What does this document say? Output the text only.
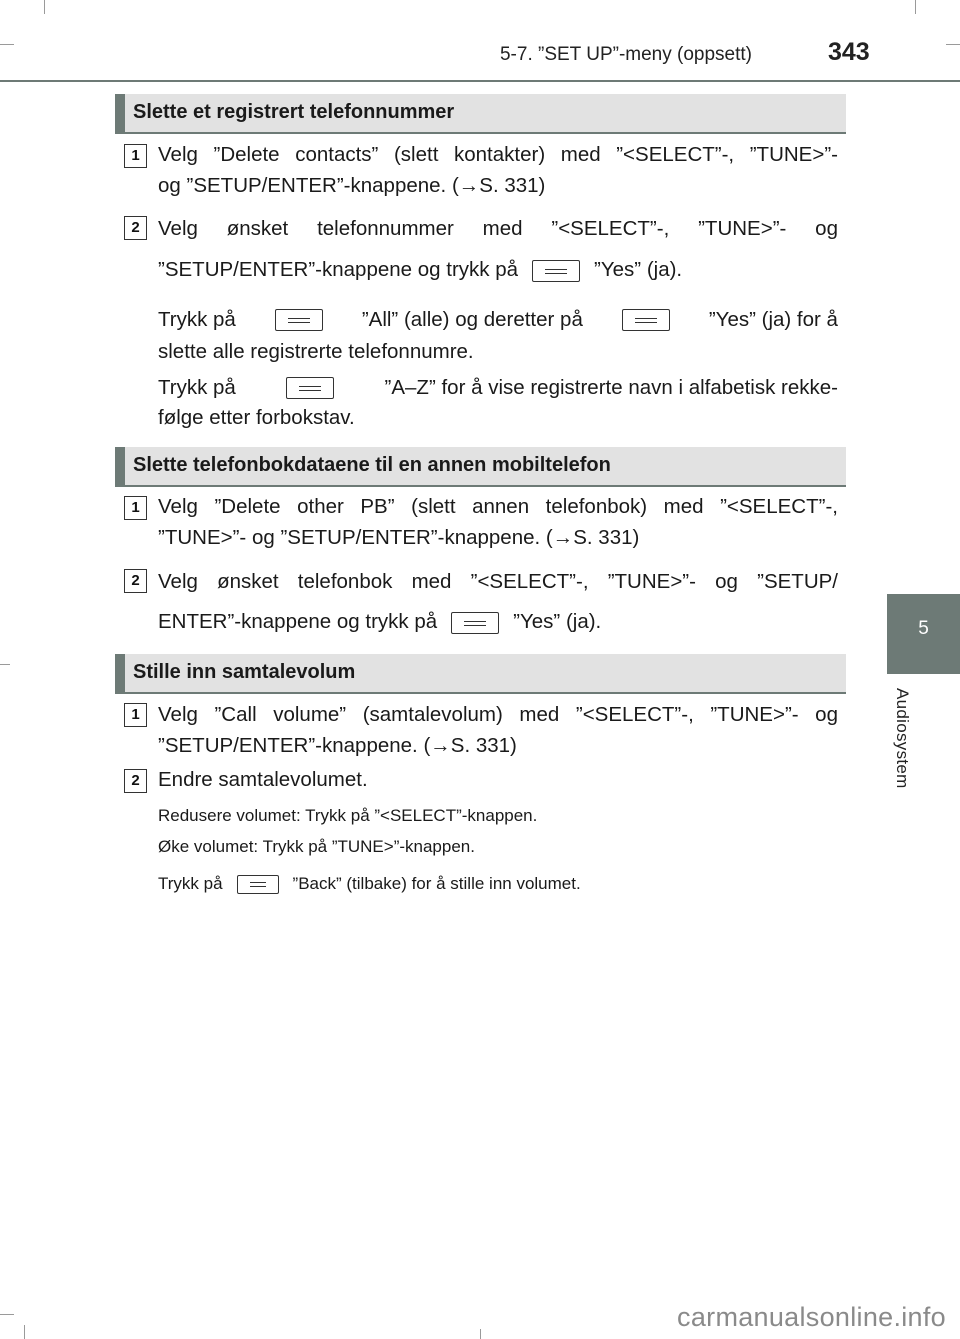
5-7. ”SET UP”-meny (oppsett)	343
5
Audiosystem
Slette et registrert telefonnummer
1 Velg ”Delete contacts” (slett kontakter) med ”<SELECT”-, ”TUNE>”-
og ”SETUP/ENTER”-knappene. (→S. 331)
2 Velg ønsket telefonnummer med ”<SELECT”-, ”TUNE>”- og
”SETUP/ENTER”-knappene og trykk på	”Yes” (ja).
Trykk på	”All” (alle) og deretter på	”Yes” (ja) for å
slette alle registrerte telefonnumre.
Trykk på	”A–Z” for å vise registrerte navn i alfabetisk rekke-
følge etter forbokstav.
Slette telefonbokdataene til en annen mobiltelefon
1 Velg ”Delete other PB” (slett annen telefonbok) med ”<SELECT”-,
”TUNE>”- og ”SETUP/ENTER”-knappene. (→S. 331)
2 Velg ønsket telefonbok med ”<SELECT”-, ”TUNE>”- og ”SETUP/
ENTER”-knappene og trykk på	”Yes” (ja).
Stille inn samtalevolum
1 Velg ”Call volume” (samtalevolum) med ”<SELECT”-, ”TUNE>”- og
”SETUP/ENTER”-knappene. (→S. 331)
2 Endre samtalevolumet.
Redusere volumet: Trykk på ”<SELECT”-knappen.
Øke volumet: Trykk på ”TUNE>”-knappen.
Trykk på	”Back” (tilbake) for å stille inn volumet.
carmanualsonline.info
